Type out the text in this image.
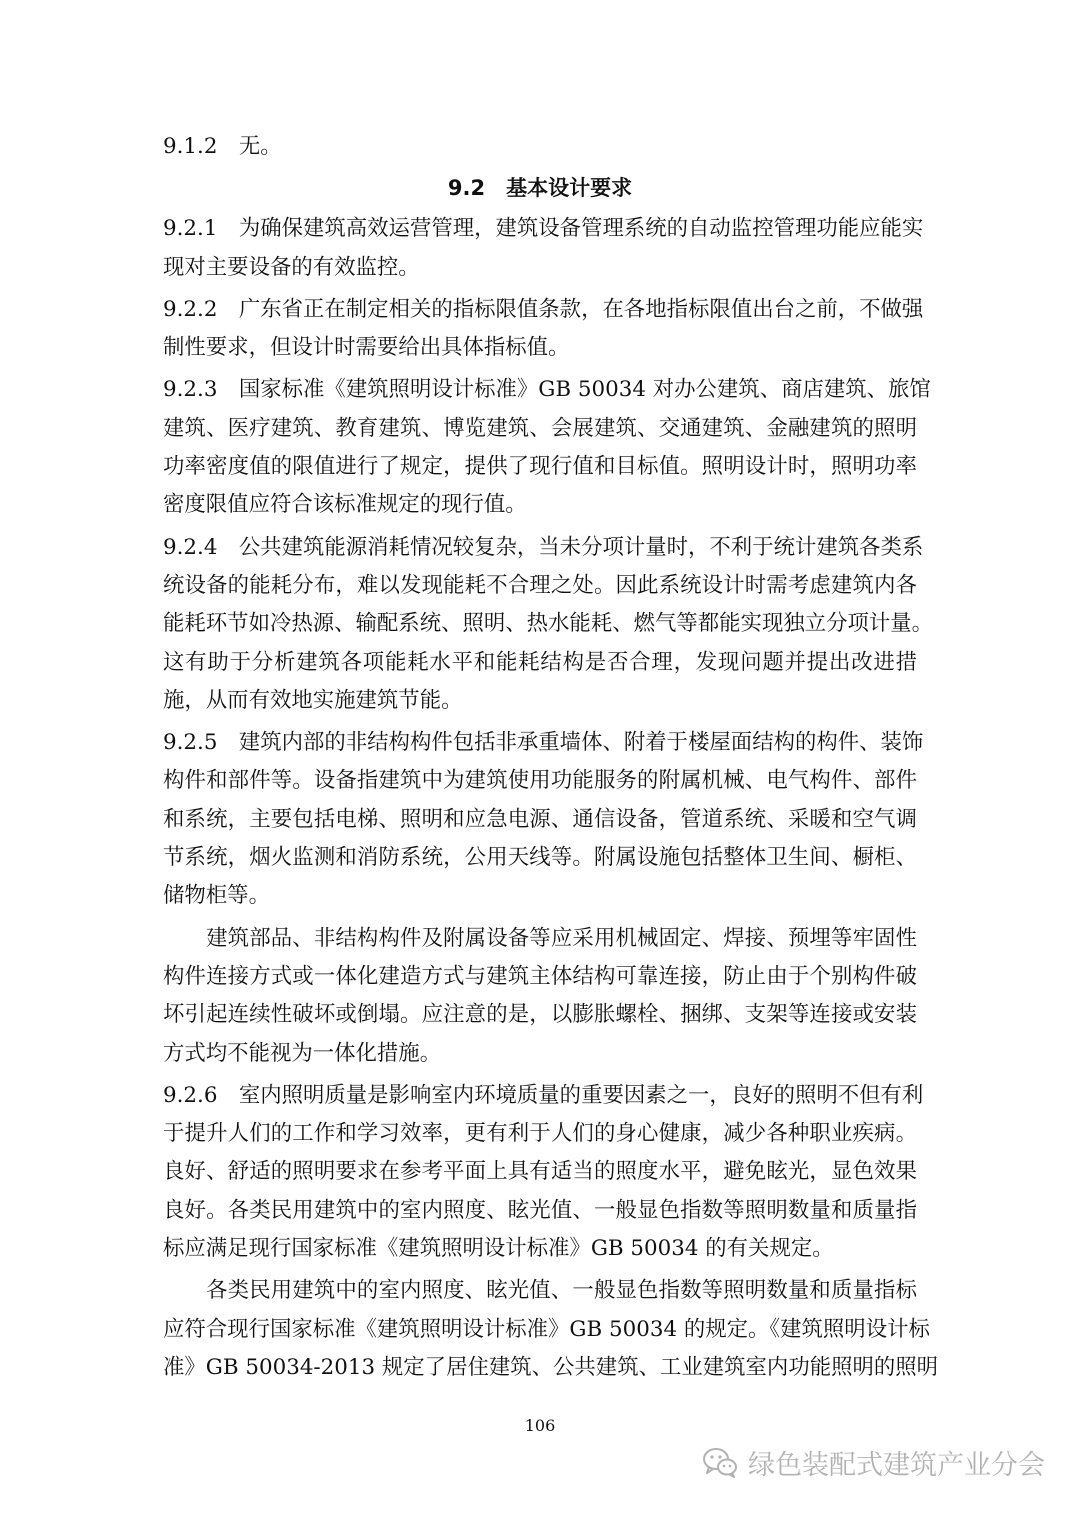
9.1.2　无。
9.2　基本设计要求
9.2.1　为确保建筑高效运营管理，建筑设备管理系统的自动监控管理功能应能实
现对主要设备的有效监控。
9.2.2　广东省正在制定相关的指标限值条款，在各地指标限值出台之前，不做强
制性要求，但设计时需要给出具体指标值。
9.2.3　国家标准《建筑照明设计标准》GB 50034 对办公建筑、商店建筑、旅馆
建筑、医疗建筑、教育建筑、博览建筑、会展建筑、交通建筑、金融建筑的照明
功率密度值的限值进行了规定，提供了现行值和目标值。照明设计时，照明功率
密度限值应符合该标准规定的现行值。
9.2.4　公共建筑能源消耗情况较复杂，当未分项计量时，不利于统计建筑各类系
统设备的能耗分布，难以发现能耗不合理之处。因此系统设计时需考虑建筑内各
能耗环节如冷热源、输配系统、照明、热水能耗、燃气等都能实现独立分项计量。
这有助于分析建筑各项能耗水平和能耗结构是否合理，发现问题并提出改进措
施，从而有效地实施建筑节能。
9.2.5　建筑内部的非结构构件包括非承重墙体、附着于楼屋面结构的构件、装饰
构件和部件等。设备指建筑中为建筑使用功能服务的附属机械、电气构件、部件
和系统，主要包括电梯、照明和应急电源、通信设备，管道系统、采暖和空气调
节系统，烟火监测和消防系统，公用天线等。附属设施包括整体卫生间、橱柜、
储物柜等。
　　建筑部品、非结构构件及附属设备等应采用机械固定、焊接、预埋等牢固性
构件连接方式或一体化建造方式与建筑主体结构可靠连接，防止由于个别构件破
坏引起连续性破坏或倒塌。应注意的是，以膨胀螺栓、捆绑、支架等连接或安装
方式均不能视为一体化措施。
9.2.6　室内照明质量是影响室内环境质量的重要因素之一，良好的照明不但有利
于提升人们的工作和学习效率，更有利于人们的身心健康，减少各种职业疾病。
良好、舒适的照明要求在参考平面上具有适当的照度水平，避免眩光，显色效果
良好。各类民用建筑中的室内照度、眩光值、一般显色指数等照明数量和质量指
标应满足现行国家标准《建筑照明设计标准》GB 50034 的有关规定。
　　各类民用建筑中的室内照度、眩光值、一般显色指数等照明数量和质量指标
应符合现行国家标准《建筑照明设计标准》GB 50034 的规定。《建筑照明设计标
准》GB 50034-2013 规定了居住建筑、公共建筑、工业建筑室内功能照明的照明
106
绿色装配式建筑产业分会
